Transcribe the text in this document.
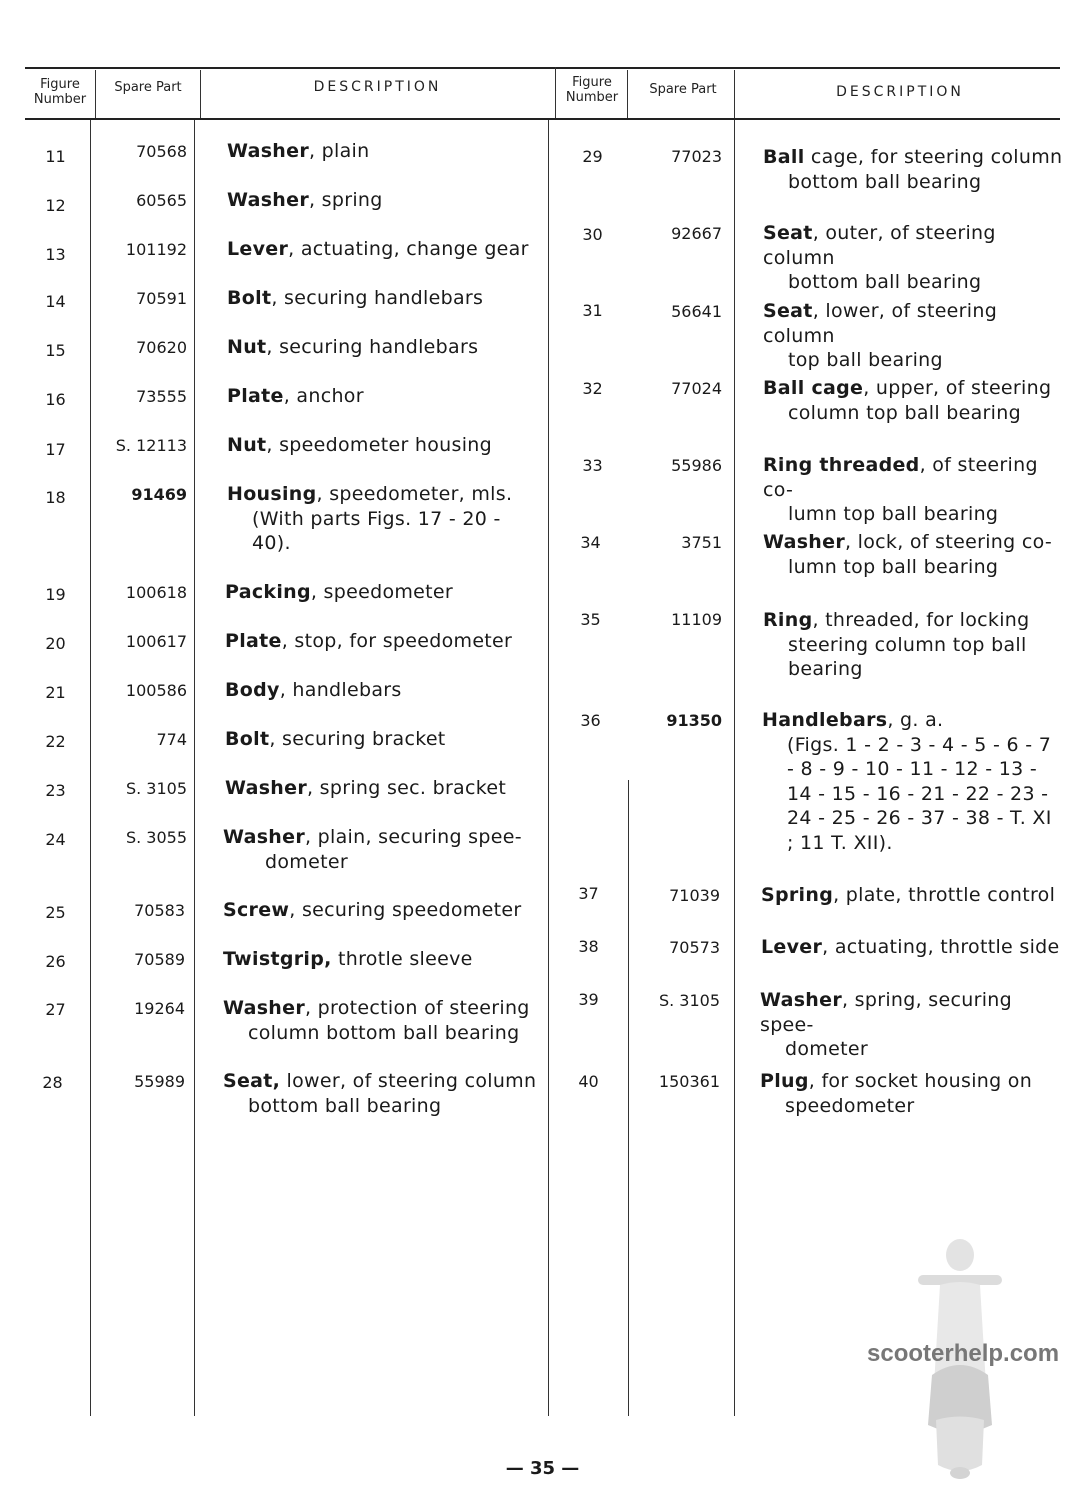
Figure Number
Spare Part	DESCRIPTION	Figure Number
Spare Part	DESCRIPTION
11	70568 Washer, plain
12	60565 Washer, spring
13	101192 Lever, actuating, change gear
14	70591 Bolt, securing handlebars
15	70620 Nut, securing handlebars
16	73555 Plate, anchor
17	S. 12113 Nut, speedometer housing
18	91469 Housing, speedometer, mls.
(With parts Figs. 17 - 20 - 40).
19	100618 Packing, speedometer
20	100617 Plate, stop, for speedometer
21	100586 Body, handlebars
22	774 Bolt, securing bracket
23	S. 3105 Washer, spring sec. bracket
24	S. 3055 Washer, plain, securing spee-
dometer
25	70583 Screw, securing speedometer
26	70589 Twistgrip, throtle sleeve
27	19264 Washer, protection of steering
column bottom ball bearing
28	55989 Seat, lower, of steering column
bottom ball bearing
29	77023 Ball cage, for steering column
bottom ball bearing
30	92667 Seat, outer, of steering column
bottom ball bearing
31	56641 Seat, lower, of steering column
top ball bearing
32	77024 Ball cage, upper, of steering
column top ball bearing
33	55986 Ring threaded, of steering co-
lumn top ball bearing
34	3751 Washer, lock, of steering co-
lumn top ball bearing
35	11109 Ring, threaded, for locking
steering column top ball bearing
36	91350 Handlebars, g. a.
(Figs. 1 - 2 - 3 - 4 - 5 - 6 - 7 - 8 - 9 - 10 - 11 - 12 - 13 - 14 - 15 - 16 - 21 - 22 - 23 - 24 - 25 - 26 - 37 - 38 - T. XI ; 11 T. XII).
37	71039 Spring, plate, throttle control
38	70573 Lever, actuating, throttle side
39	S. 3105 Washer, spring, securing spee-
dometer
40	150361 Plug, for socket housing on
speedometer
scooterhelp.com
— 35 —
